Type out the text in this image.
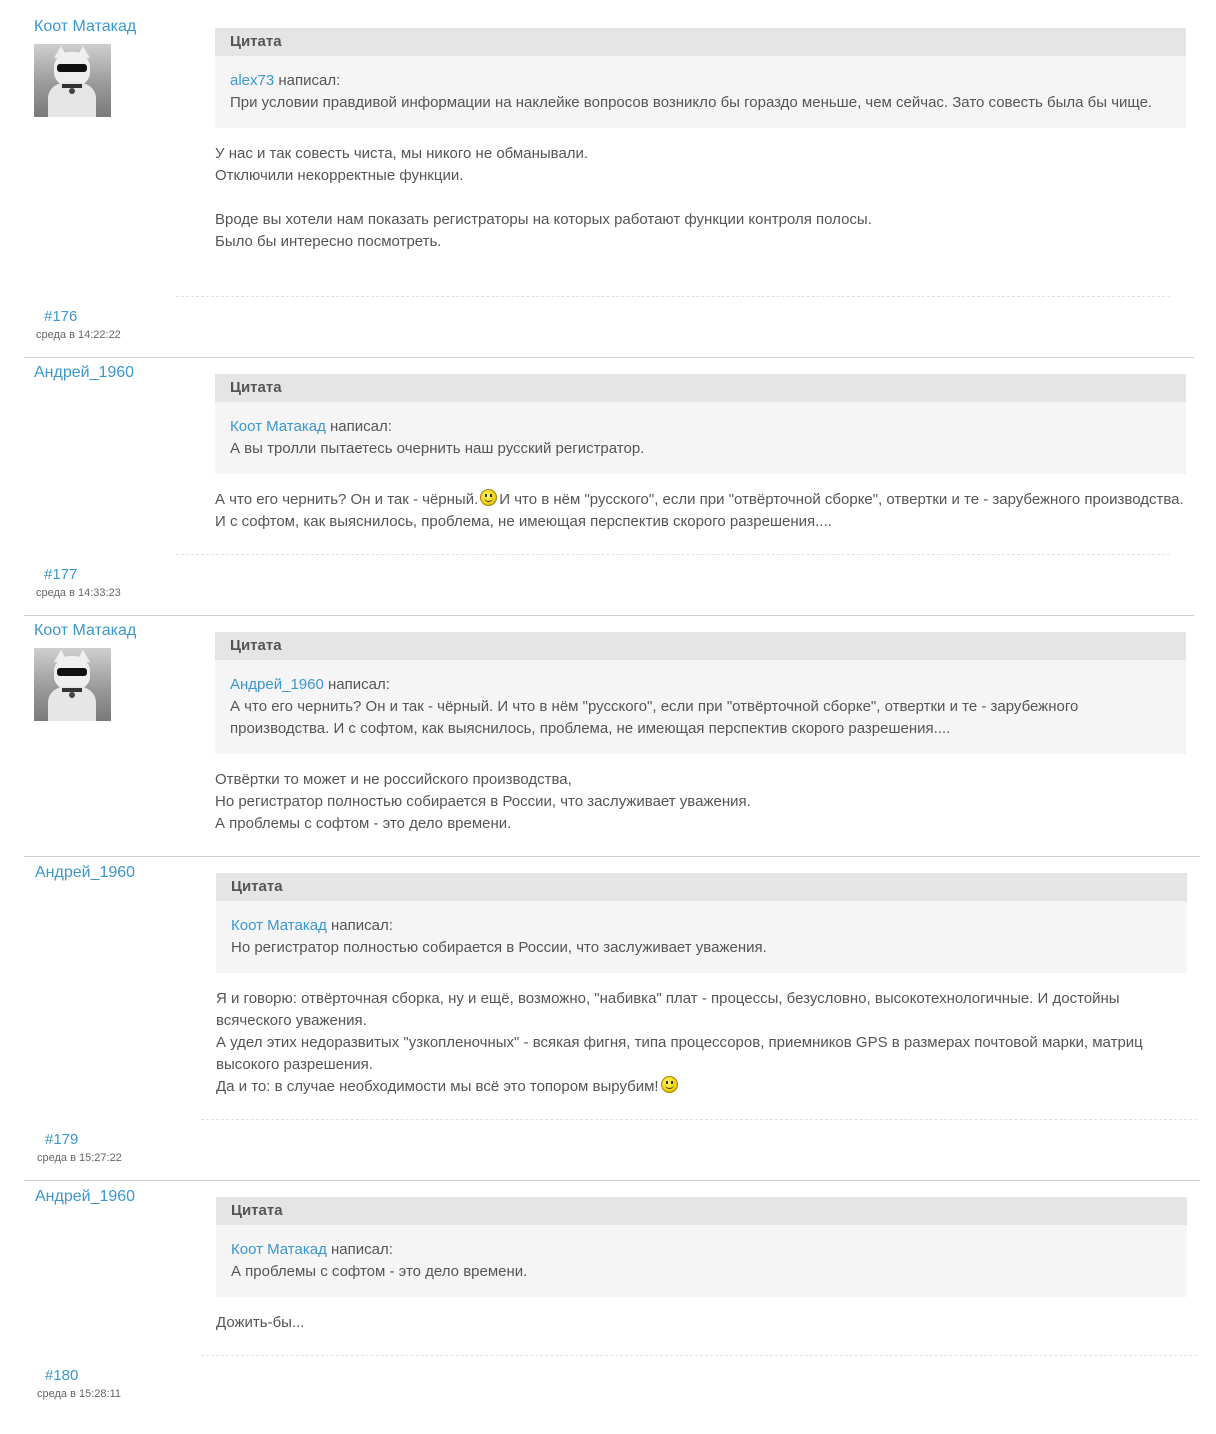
Коот Матакад
Цитата
alex73 написал:
При условии правдивой информации на наклейке вопросов возникло бы гораздо меньше, чем сейчас. Зато совесть была бы чище.

У нас и так совесть чиста, мы никого не обманывали.

Отключили некорректные функции.

Вроде вы хотели нам показать регистраторы на которых работают функции контроля полосы.

Было бы интересно посмотреть.

#176
среда в 14:22:22
Андрей_1960
Цитата
Коот Матакад написал:
А вы тролли пытаетесь очернить наш русский регистратор.

А что его чернить? Он и так - чёрный. И что в нём "русского", если при "отвёрточной сборке", отвертки и те - зарубежного производства. И с софтом, как выяснилось, проблема, не имеющая перспектив скорого разрешения....

#177
среда в 14:33:23
Коот Матакад
Цитата
Андрей_1960 написал:
А что его чернить? Он и так - чёрный. И что в нём "русского", если при "отвёрточной сборке", отвертки и те - зарубежного производства. И с софтом, как выяснилось, проблема, не имеющая перспектив скорого разрешения....

Отвёртки то может и не российского производства,

Но регистратор полностью собирается в России, что заслуживает уважения.

А проблемы с софтом - это дело времени.

Андрей_1960
Цитата
Коот Матакад написал:
Но регистратор полностью собирается в России, что заслуживает уважения.

Я и говорю: отвёрточная сборка, ну и ещё, возможно, "набивка" плат - процессы, безусловно, высокотехнологичные. И достойны всяческого уважения.

А удел этих недоразвитых "узкопленочных" - всякая фигня, типа процессоров, приемников GPS в размерах почтовой марки, матриц высокого разрешения.

Да и то: в случае необходимости мы всё это топором вырубим!

#179
среда в 15:27:22
Андрей_1960
Цитата
Коот Матакад написал:
А проблемы с софтом - это дело времени.

Дожить-бы...

#180
среда в 15:28:11
